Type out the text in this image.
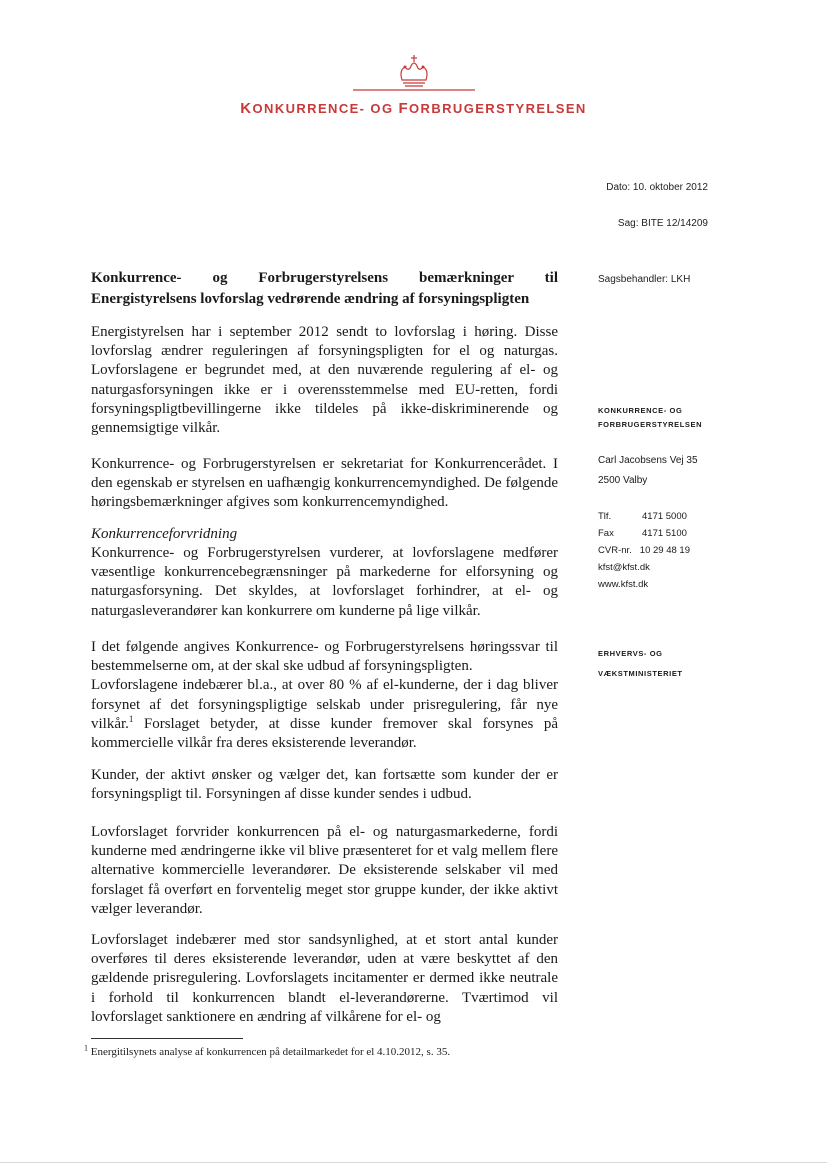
KONKURRENCE- OG FORBRUGERSTYRELSEN
Dato: 10. oktober 2012
Sag: BITE 12/14209
Sagsbehandler: LKH
KONKURRENCE- OG
FORBRUGERSTYRELSEN
Carl Jacobsens Vej 35
2500 Valby
Tlf.	4171 5000
Fax	4171 5100
CVR-nr. 10 29 48 19
kfst@kfst.dk
www.kfst.dk
ERHVERVS- OG
VÆKSTMINISTERIET
Konkurrence- og Forbrugerstyrelsens bemærkninger til Energistyrelsens lovforslag vedrørende ændring af forsyningspligten
Energistyrelsen har i september 2012 sendt to lovforslag i høring. Disse lovforslag ændrer reguleringen af forsyningspligten for el og naturgas. Lovforslagene er begrundet med, at den nuværende regulering af el- og naturgasforsyningen ikke er i overensstemmelse med EU-retten, fordi forsyningspligtbevillingerne ikke tildeles på ikke-diskriminerende og gennemsigtige vilkår.
Konkurrence- og Forbrugerstyrelsen er sekretariat for Konkurrencerådet. I den egenskab er styrelsen en uafhængig konkurrencemyndighed. De følgende høringsbemærkninger afgives som konkurrencemyndighed.
Konkurrenceforvridning
Konkurrence- og Forbrugerstyrelsen vurderer, at lovforslagene medfører væsentlige konkurrencebegrænsninger på markederne for elforsyning og naturgasforsyning. Det skyldes, at lovforslaget forhindrer, at el- og naturgasleverandører kan konkurrere om kunderne på lige vilkår.
I det følgende angives Konkurrence- og Forbrugerstyrelsens høringssvar til bestemmelserne om, at der skal ske udbud af forsyningspligten.
Lovforslagene indebærer bl.a., at over 80 % af el-kunderne, der i dag bliver forsynet af det forsyningspligtige selskab under prisregulering, får nye vilkår.$^1$ Forslaget betyder, at disse kunder fremover skal forsynes på kommercielle vilkår fra deres eksisterende leverandør.
Kunder, der aktivt ønsker og vælger det, kan fortsætte som kunder der er forsyningspligt til. Forsyningen af disse kunder sendes i udbud.
Lovforslaget forvrider konkurrencen på el- og naturgasmarkederne, fordi kunderne med ændringerne ikke vil blive præsenteret for et valg mellem flere alternative kommercielle leverandører. De eksisterende selskaber vil med forslaget få overført en forventelig meget stor gruppe kunder, der ikke aktivt vælger leverandør.
Lovforslaget indebærer med stor sandsynlighed, at et stort antal kunder overføres til deres eksisterende leverandør, uden at være beskyttet af den gældende prisregulering. Lovforslagets incitamenter er dermed ikke neutrale i forhold til konkurrencen blandt el-leverandørerne. Tværtimod vil lovforslaget sanktionere en ændring af vilkårene for el- og
$^1$ Energitilsynets analyse af konkurrencen på detailmarkedet for el 4.10.2012, s. 35.
